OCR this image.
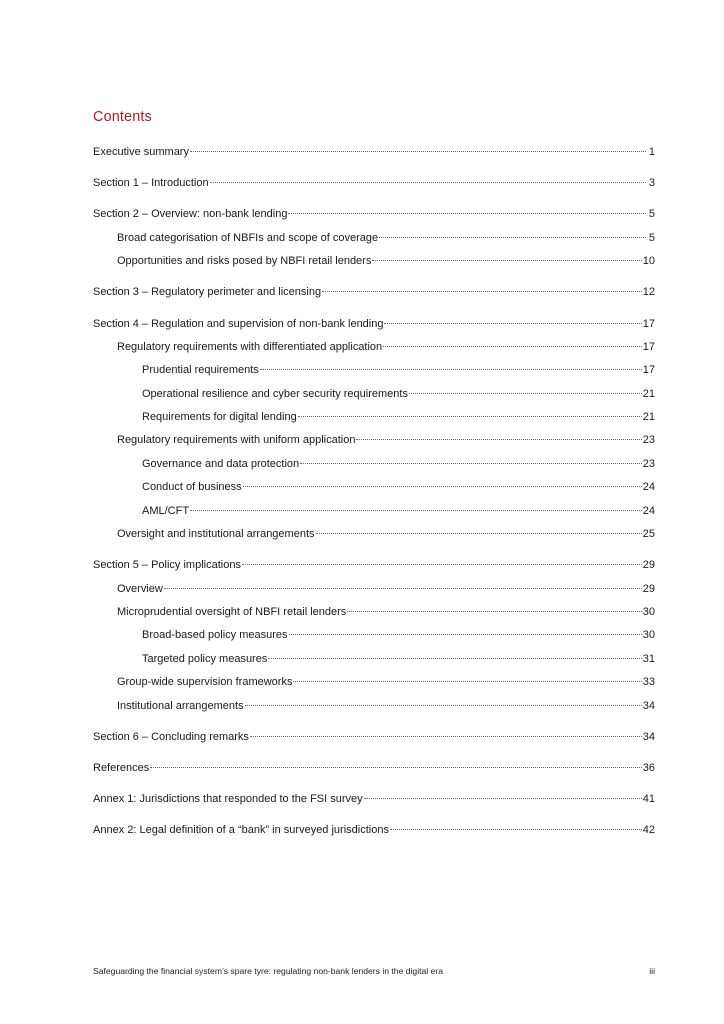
Contents
Executive summary	1
Section 1 – Introduction	3
Section 2 – Overview: non-bank lending	5
Broad categorisation of NBFIs and scope of coverage	5
Opportunities and risks posed by NBFI retail lenders	10
Section 3 – Regulatory perimeter and licensing	12
Section 4 – Regulation and supervision of non-bank lending	17
Regulatory requirements with differentiated application	17
Prudential requirements	17
Operational resilience and cyber security requirements	21
Requirements for digital lending	21
Regulatory requirements with uniform application	23
Governance and data protection	23
Conduct of business	24
AML/CFT	24
Oversight and institutional arrangements	25
Section 5 – Policy implications	29
Overview	29
Microprudential oversight of NBFI retail lenders	30
Broad-based policy measures	30
Targeted policy measures	31
Group-wide supervision frameworks	33
Institutional arrangements	34
Section 6 – Concluding remarks	34
References	36
Annex 1: Jurisdictions that responded to the FSI survey	41
Annex 2: Legal definition of a “bank” in surveyed jurisdictions	42
Safeguarding the financial system’s spare tyre: regulating non-bank lenders in the digital era	iii
